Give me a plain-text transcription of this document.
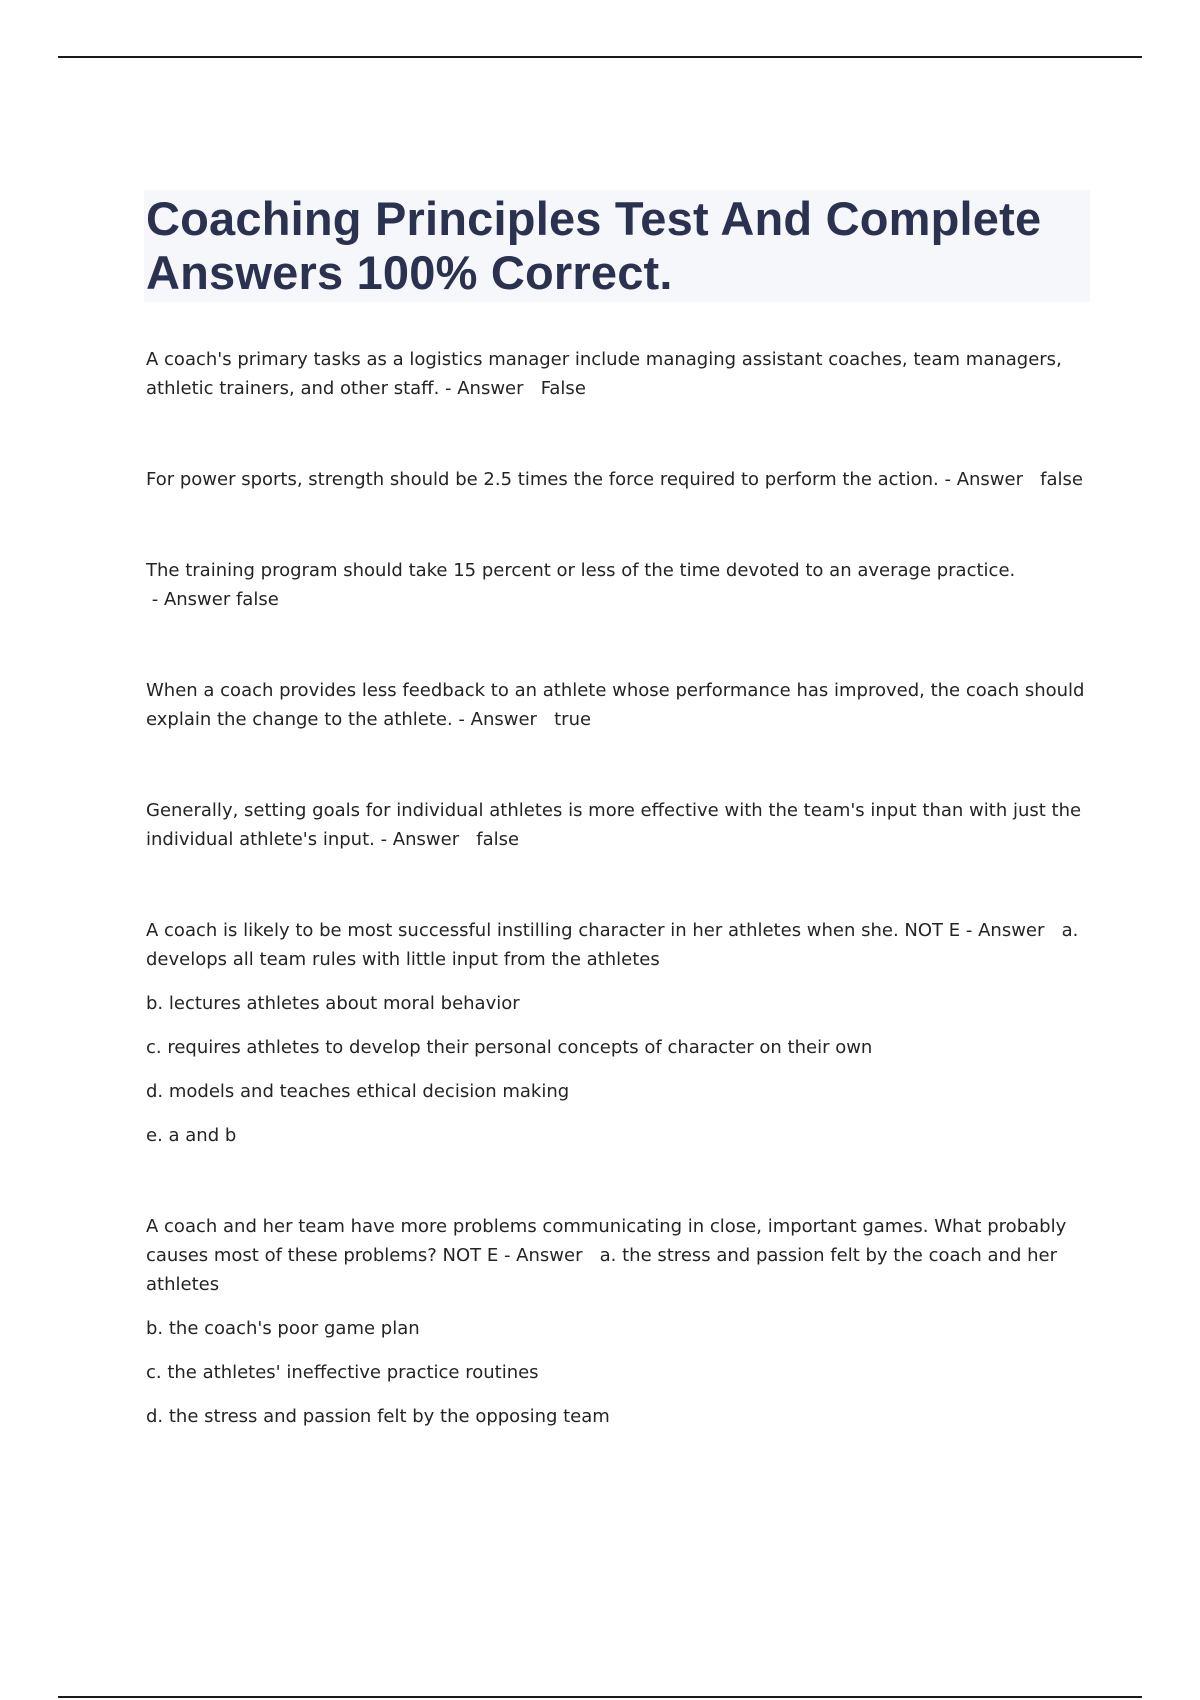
Coaching Principles Test And Complete Answers 100% Correct.

A coach's primary tasks as a logistics manager include managing assistant coaches, team managers, athletic trainers, and other staff. - Answer   False

For power sports, strength should be 2.5 times the force required to perform the action. - Answer   false

The training program should take 15 percent or less of the time devoted to an average practice. - Answer false

When a coach provides less feedback to an athlete whose performance has improved, the coach should explain the change to the athlete. - Answer   true

Generally, setting goals for individual athletes is more effective with the team's input than with just the individual athlete's input. - Answer   false

A coach is likely to be most successful instilling character in her athletes when she. NOT E - Answer   a. develops all team rules with little input from the athletes

b. lectures athletes about moral behavior

c. requires athletes to develop their personal concepts of character on their own

d. models and teaches ethical decision making

e. a and b

A coach and her team have more problems communicating in close, important games. What probably causes most of these problems? NOT E - Answer   a. the stress and passion felt by the coach and her athletes

b. the coach's poor game plan

c. the athletes' ineffective practice routines

d. the stress and passion felt by the opposing team
